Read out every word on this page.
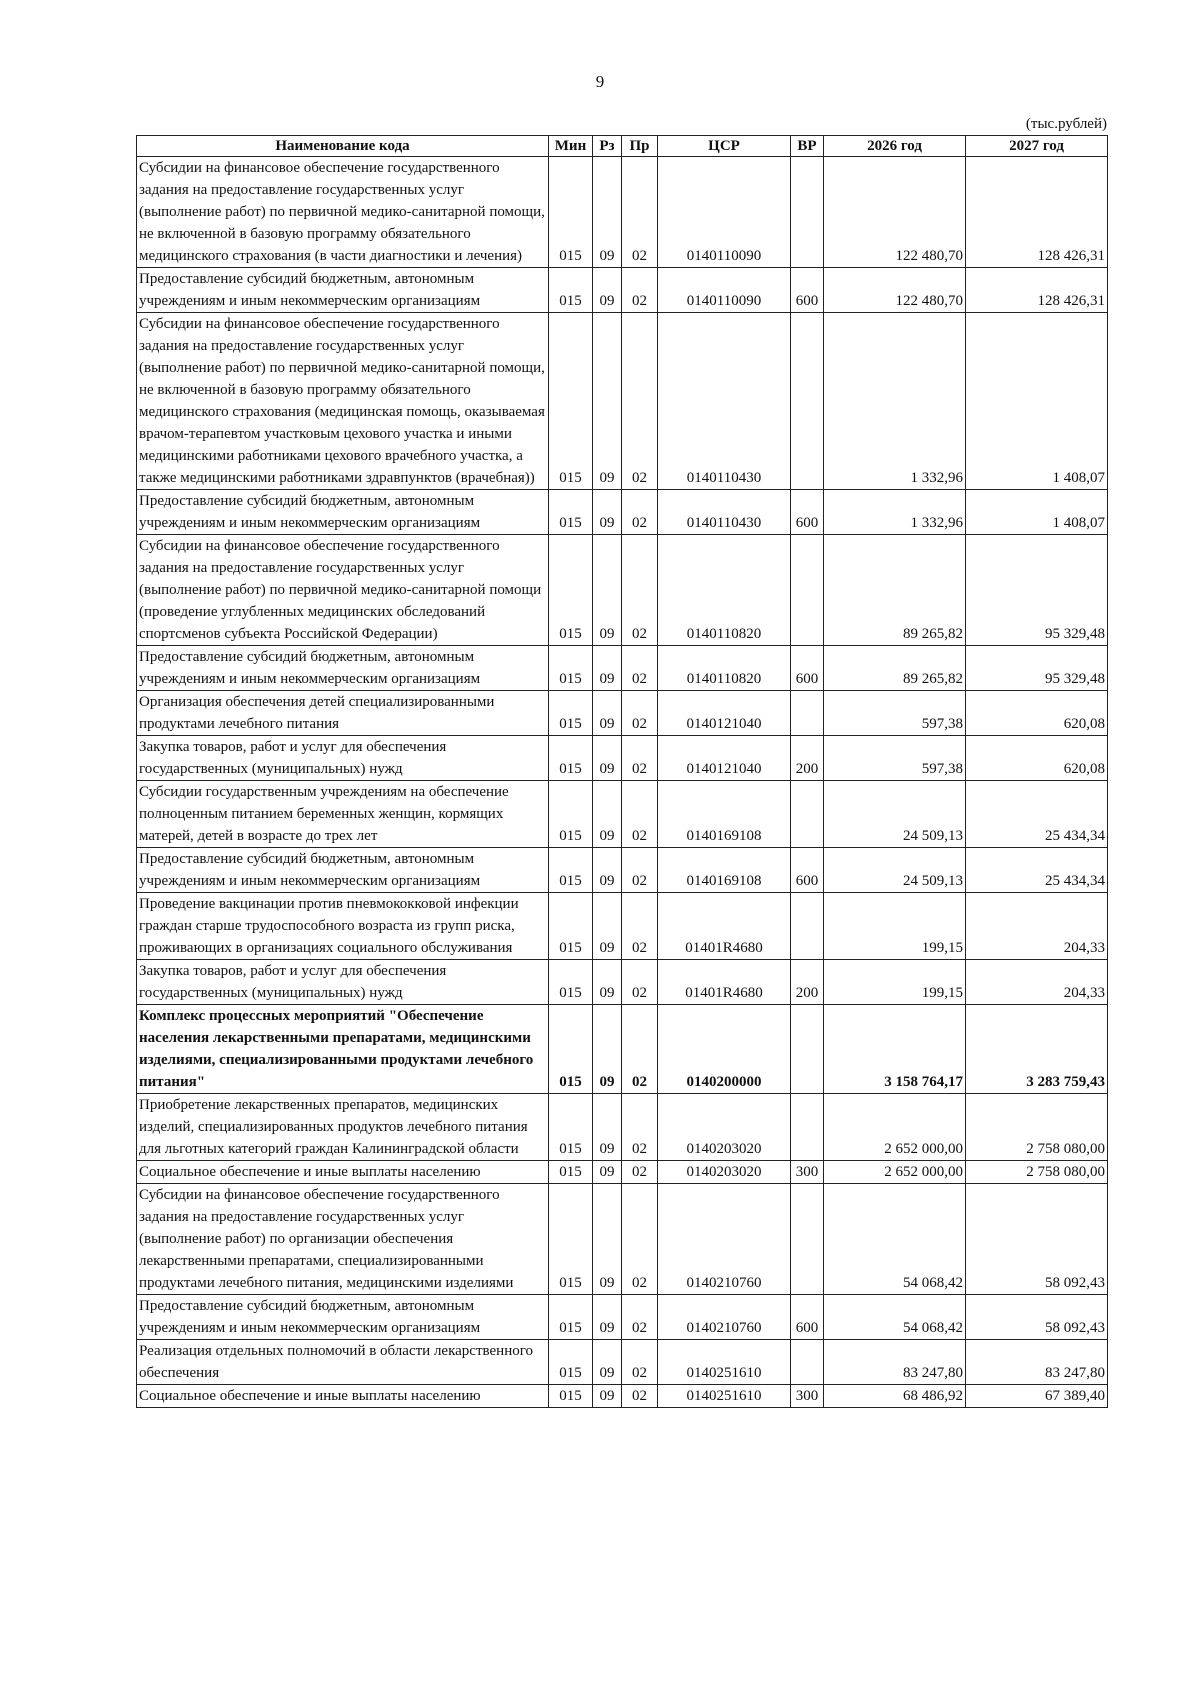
9
(тыс.рублей)
Наименование кода	Мин	Рз	Пр	ЦСР	ВР	2026 год	2027 год
Субсидии на финансовое обеспечение государственного задания на предоставление государственных услуг (выполнение работ) по первичной медико-санитарной помощи, не включенной в базовую программу обязательного медицинского страхования (в части диагностики и лечения)	015	09	02	0140110090		122 480,70	128 426,31
Предоставление субсидий бюджетным, автономным учреждениям и иным некоммерческим организациям	015	09	02	0140110090	600	122 480,70	128 426,31
Субсидии на финансовое обеспечение государственного задания на предоставление государственных услуг (выполнение работ) по первичной медико-санитарной помощи, не включенной в базовую программу обязательного медицинского страхования (медицинская помощь, оказываемая врачом-терапевтом участковым цехового участка и иными медицинскими работниками цехового врачебного участка, а также медицинскими работниками здравпунктов (врачебная))	015	09	02	0140110430		1 332,96	1 408,07
Предоставление субсидий бюджетным, автономным учреждениям и иным некоммерческим организациям	015	09	02	0140110430	600	1 332,96	1 408,07
Субсидии на финансовое обеспечение государственного задания на предоставление государственных услуг (выполнение работ) по первичной медико-санитарной помощи (проведение углубленных медицинских обследований спортсменов субъекта Российской Федерации)	015	09	02	0140110820		89 265,82	95 329,48
Предоставление субсидий бюджетным, автономным учреждениям и иным некоммерческим организациям	015	09	02	0140110820	600	89 265,82	95 329,48
Организация обеспечения детей специализированными продуктами лечебного питания	015	09	02	0140121040		597,38	620,08
Закупка товаров, работ и услуг для обеспечения государственных (муниципальных) нужд	015	09	02	0140121040	200	597,38	620,08
Субсидии государственным учреждениям на обеспечение полноценным питанием беременных женщин, кормящих матерей, детей в возрасте до трех лет	015	09	02	0140169108		24 509,13	25 434,34
Предоставление субсидий бюджетным, автономным учреждениям и иным некоммерческим организациям	015	09	02	0140169108	600	24 509,13	25 434,34
Проведение вакцинации против пневмококковой инфекции граждан старше трудоспособного возраста из групп риска, проживающих в организациях социального обслуживания	015	09	02	01401R4680		199,15	204,33
Закупка товаров, работ и услуг для обеспечения государственных (муниципальных) нужд	015	09	02	01401R4680	200	199,15	204,33
Комплекс процессных мероприятий "Обеспечение населения лекарственными препаратами, медицинскими изделиями, специализированными продуктами лечебного питания"	015	09	02	0140200000		3 158 764,17	3 283 759,43
Приобретение лекарственных препаратов, медицинских изделий, специализированных продуктов лечебного питания для льготных категорий граждан Калининградской области	015	09	02	0140203020		2 652 000,00	2 758 080,00
Социальное обеспечение и иные выплаты населению	015	09	02	0140203020	300	2 652 000,00	2 758 080,00
Субсидии на финансовое обеспечение государственного задания на предоставление государственных услуг (выполнение работ) по организации обеспечения лекарственными препаратами, специализированными продуктами лечебного питания, медицинскими изделиями	015	09	02	0140210760		54 068,42	58 092,43
Предоставление субсидий бюджетным, автономным учреждениям и иным некоммерческим организациям	015	09	02	0140210760	600	54 068,42	58 092,43
Реализация отдельных полномочий в области лекарственного обеспечения	015	09	02	0140251610		83 247,80	83 247,80
Социальное обеспечение и иные выплаты населению	015	09	02	0140251610	300	68 486,92	67 389,40
